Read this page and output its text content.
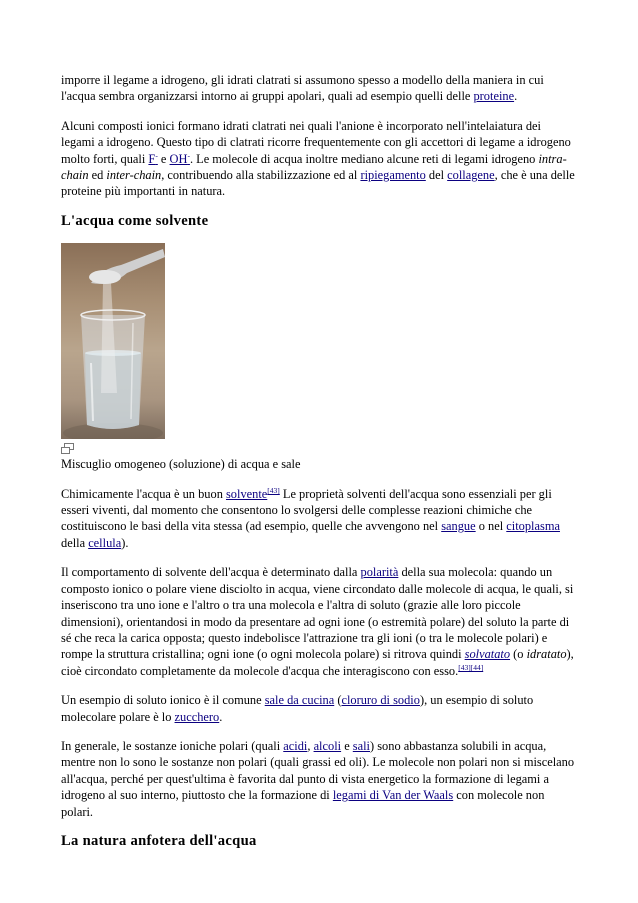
imporre il legame a idrogeno, gli idrati clatrati si assumono spesso a modello della maniera in cui l'acqua sembra organizzarsi intorno ai gruppi apolari, quali ad esempio quelli delle proteine.

Alcuni composti ionici formano idrati clatrati nei quali l'anione è incorporato nell'intelaiatura dei legami a idrogeno. Questo tipo di clatrati ricorre frequentemente con gli accettori di legame a idrogeno molto forti, quali F- e OH-. Le molecole di acqua inoltre mediano alcune reti di legami idrogeno intra-chain ed inter-chain, contribuendo alla stabilizzazione ed al ripiegamento del collagene, che è una delle proteine più importanti in natura.

L'acqua come solvente
Miscuglio omogeneo (soluzione) di acqua e sale

Chimicamente l'acqua è un buon solvente[43] Le proprietà solventi dell'acqua sono essenziali per gli esseri viventi, dal momento che consentono lo svolgersi delle complesse reazioni chimiche che costituiscono le basi della vita stessa (ad esempio, quelle che avvengono nel sangue o nel citoplasma della cellula).

Il comportamento di solvente dell'acqua è determinato dalla polarità della sua molecola: quando un composto ionico o polare viene disciolto in acqua, viene circondato dalle molecole di acqua, le quali, si inseriscono tra uno ione e l'altro o tra una molecola e l'altra di soluto (grazie alle loro piccole dimensioni), orientandosi in modo da presentare ad ogni ione (o estremità polare) del soluto la parte di sé che reca la carica opposta; questo indebolisce l'attrazione tra gli ioni (o tra le molecole polari) e rompe la struttura cristallina; ogni ione (o ogni molecola polare) si ritrova quindi solvatato (o idratato), cioè circondato completamente da molecole d'acqua che interagiscono con esso.[43][44]

Un esempio di soluto ionico è il comune sale da cucina (cloruro di sodio), un esempio di soluto molecolare polare è lo zucchero.

In generale, le sostanze ioniche polari (quali acidi, alcoli e sali) sono abbastanza solubili in acqua, mentre non lo sono le sostanze non polari (quali grassi ed oli). Le molecole non polari non si miscelano all'acqua, perché per quest'ultima è favorita dal punto di vista energetico la formazione di legami a idrogeno al suo interno, piuttosto che la formazione di legami di Van der Waals con molecole non polari.

La natura anfotera dell'acqua
